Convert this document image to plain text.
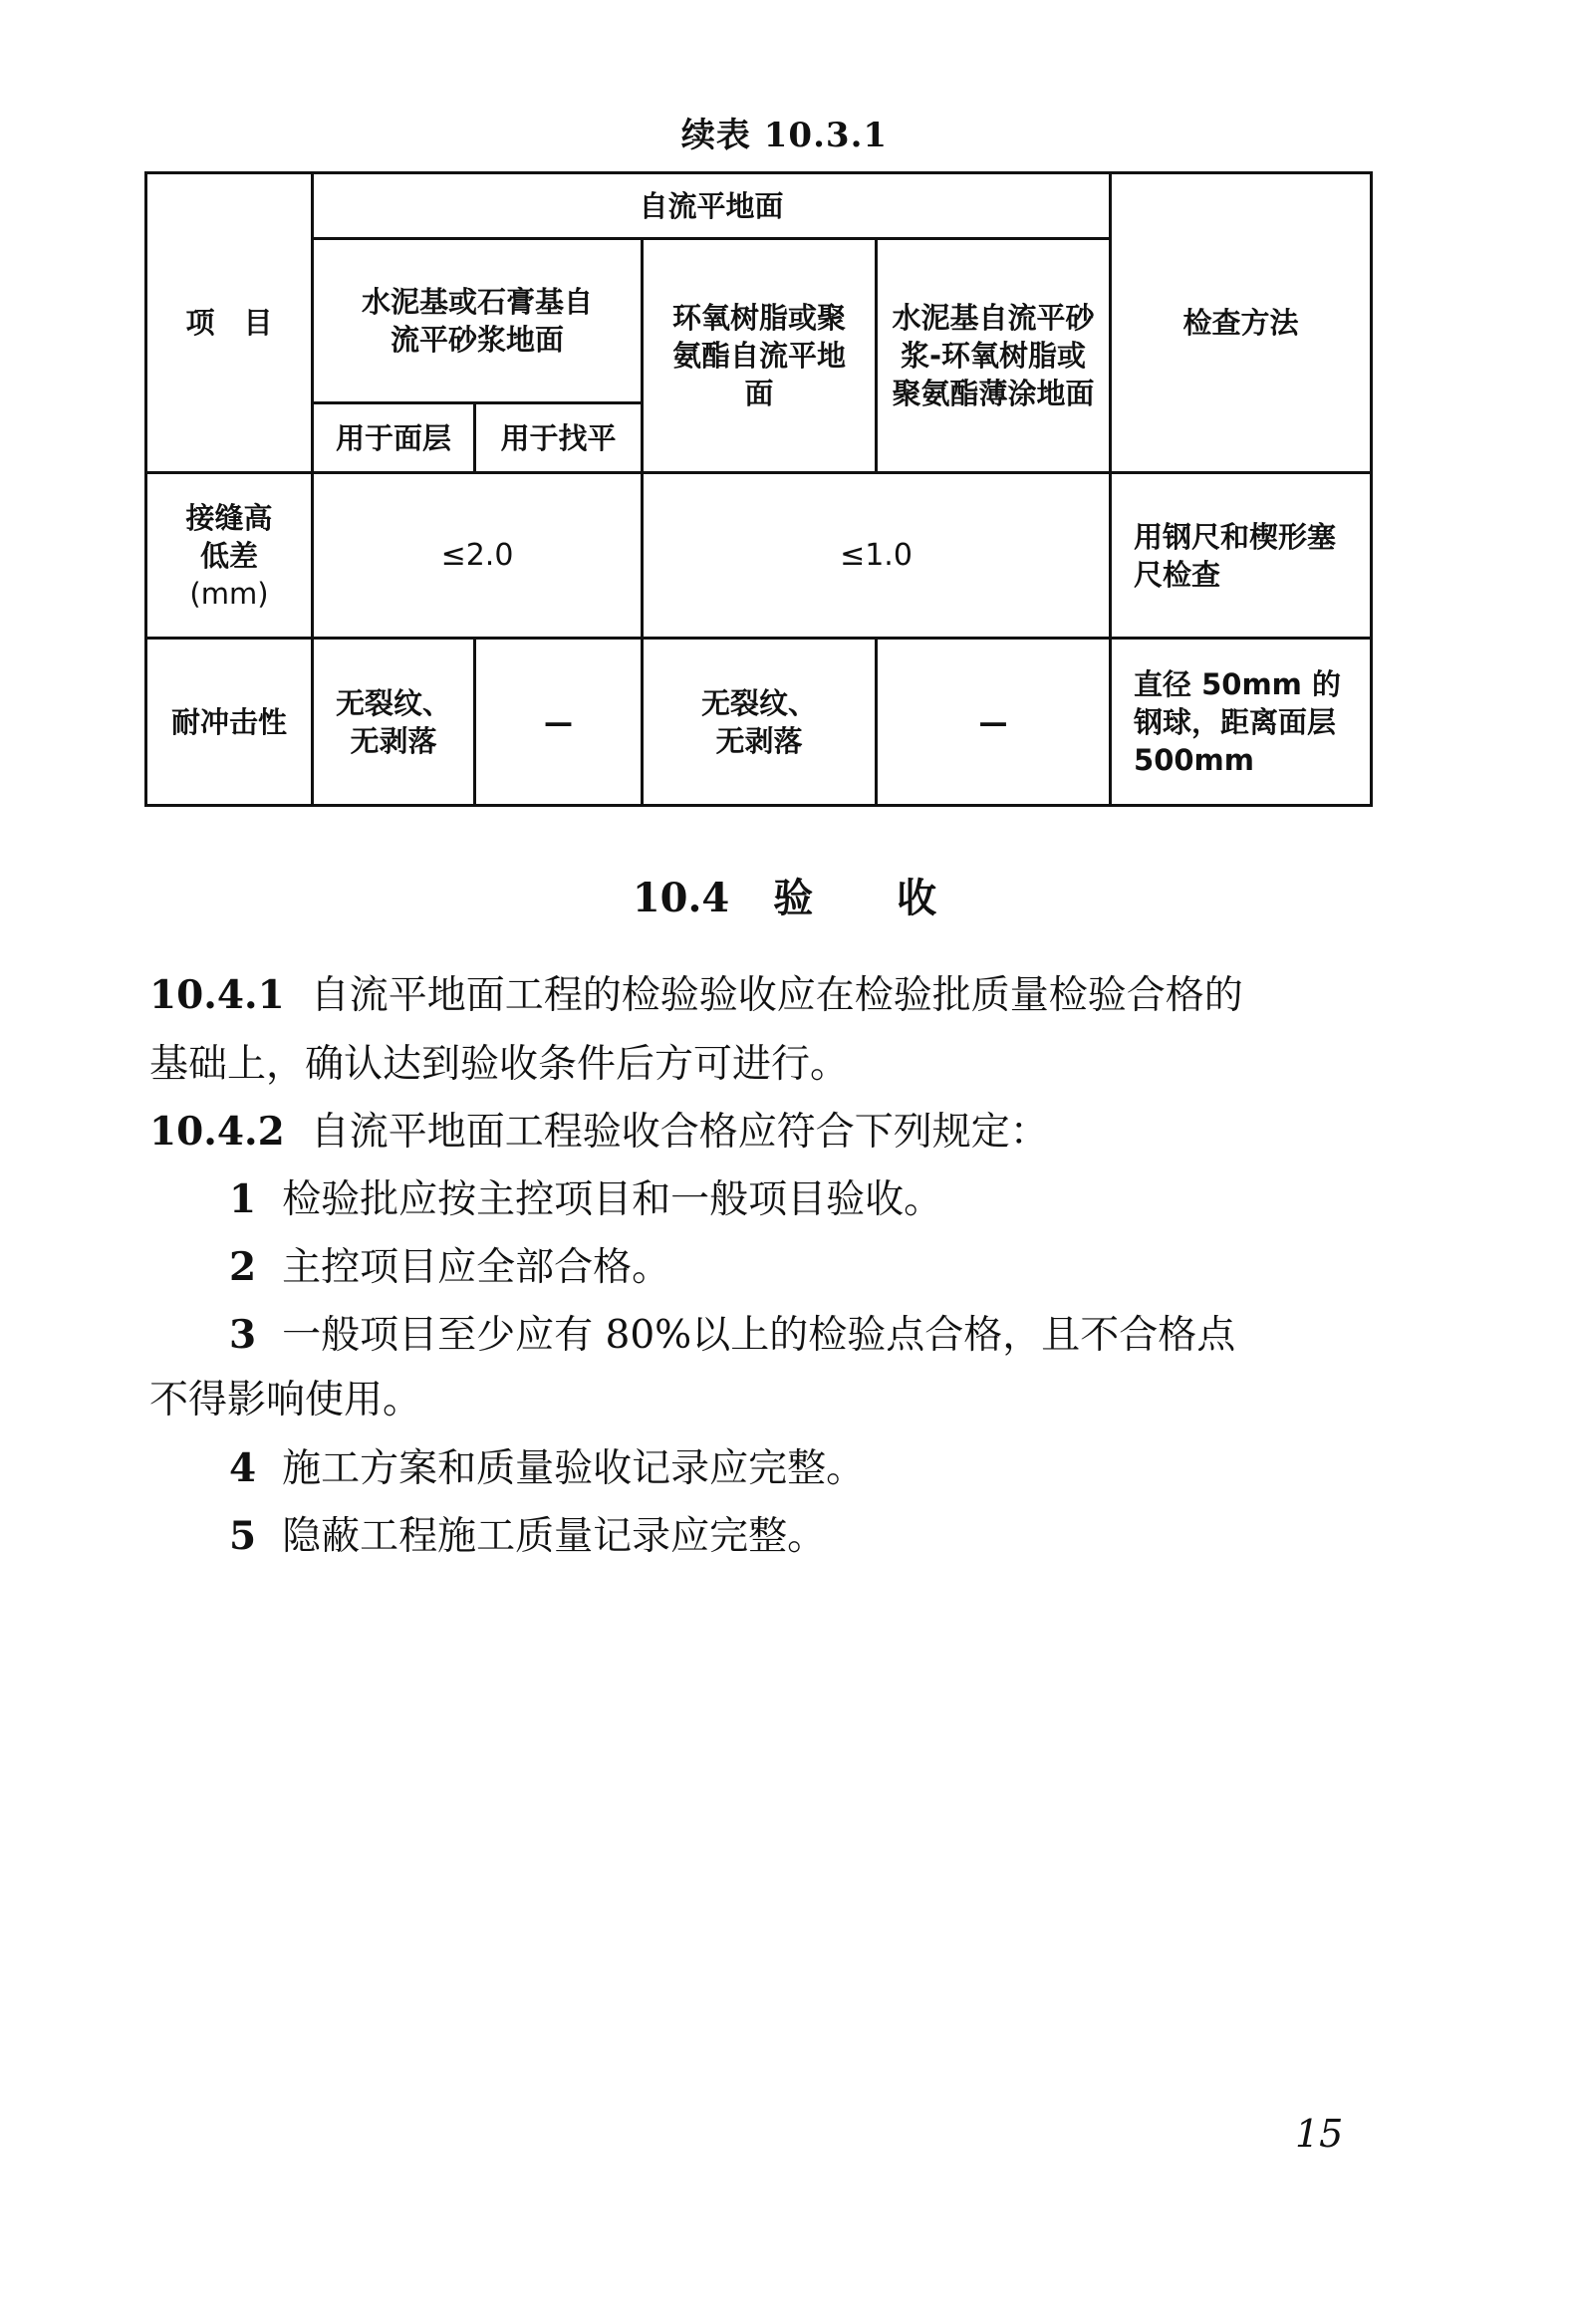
续表 10.3.1
项　目	自流平地面				检查方法

	水泥基或石膏基自流平砂浆地面		环氧树脂或聚氨酯自流平地面	水泥基自流平砂浆-环氧树脂或聚氨酯薄涂地面	

	用于面层	用于找平			

接缝高
低差
(mm)	≤2.0		≤1.0		用钢尺和楔形塞尺检查

耐冲击性	无裂纹、无剥落	—	无裂纹、无剥落	—	直径 50mm 的钢球，距离面层 500mm
10.4 验 收
10.4.1 自流平地面工程的检验验收应在检验批质量检验合格的
基础上，确认达到验收条件后方可进行。
10.4.2 自流平地面工程验收合格应符合下列规定：
1 检验批应按主控项目和一般项目验收。
2 主控项目应全部合格。
3 一般项目至少应有 80%以上的检验点合格，且不合格点
不得影响使用。
4 施工方案和质量验收记录应完整。
5 隐蔽工程施工质量记录应完整。
15
